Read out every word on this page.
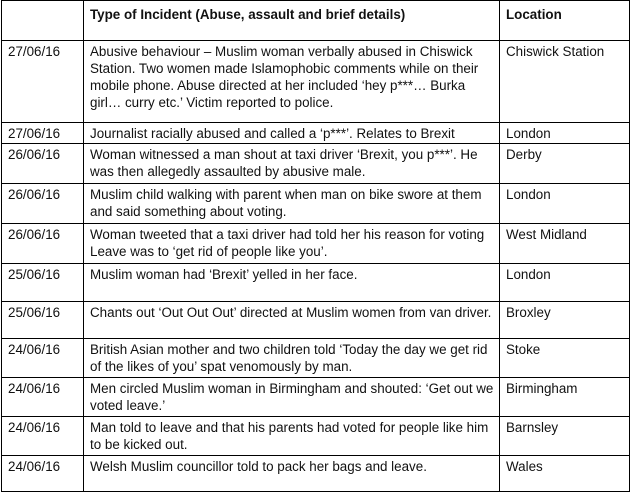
	Type of Incident (Abuse, assault and brief details)	Location
27/06/16	Abusive behaviour – Muslim woman verbally abused in Chiswick Station. Two women made Islamophobic comments while on their mobile phone. Abuse directed at her included ‘hey p***… Burka girl… curry etc.’ Victim reported to police.	Chiswick Station
27/06/16	Journalist racially abused and called a ‘p***’. Relates to Brexit	London
26/06/16	Woman witnessed a man shout at taxi driver ‘Brexit, you p***’. He was then allegedly assaulted by abusive male.	Derby
26/06/16	Muslim child walking with parent when man on bike swore at them and said something about voting.	London
26/06/16	Woman tweeted that a taxi driver had told her his reason for voting Leave was to ‘get rid of people like you’.	West Midland
25/06/16	Muslim woman had ‘Brexit’ yelled in her face.	London
25/06/16	Chants out ‘Out Out Out’ directed at Muslim women from van driver.	Broxley
24/06/16	British Asian mother and two children told ‘Today the day we get rid of the likes of you’ spat venomously by man.	Stoke
24/06/16	Men circled Muslim woman in Birmingham and shouted: ‘Get out we voted leave.’	Birmingham
24/06/16	Man told to leave and that his parents had voted for people like him to be kicked out.	Barnsley
24/06/16	Welsh Muslim councillor told to pack her bags and leave.	Wales
